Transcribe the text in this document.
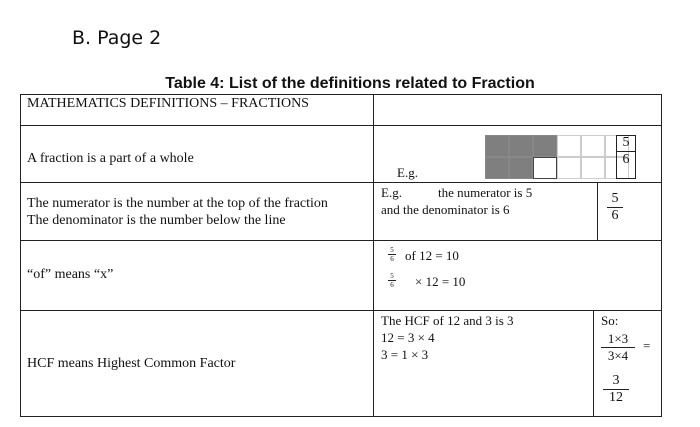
B. Page 2
Table 4: List of the definitions related to Fraction
MATHEMATICS DEFINITIONS – FRACTIONS
A fraction is a part of a whole
E.g.
$\frac{5}{6}$
The numerator is the number at the top of the fraction
The denominator is the number below the line
E.g.	the numerator is 5
and the denominator is 6	$\frac{5}{6}$
“of” means “x”
$\frac{5}{6}$ of 12 = 10
$\frac{5}{6} \times 12 = 10$
HCF means Highest Common Factor
The HCF of 12 and 3 is 3
12 = 3 × 4
3 = 1 × 3
So:
$\frac{1\times 3}{3\times 4}$ =
$\frac{3}{12}$
